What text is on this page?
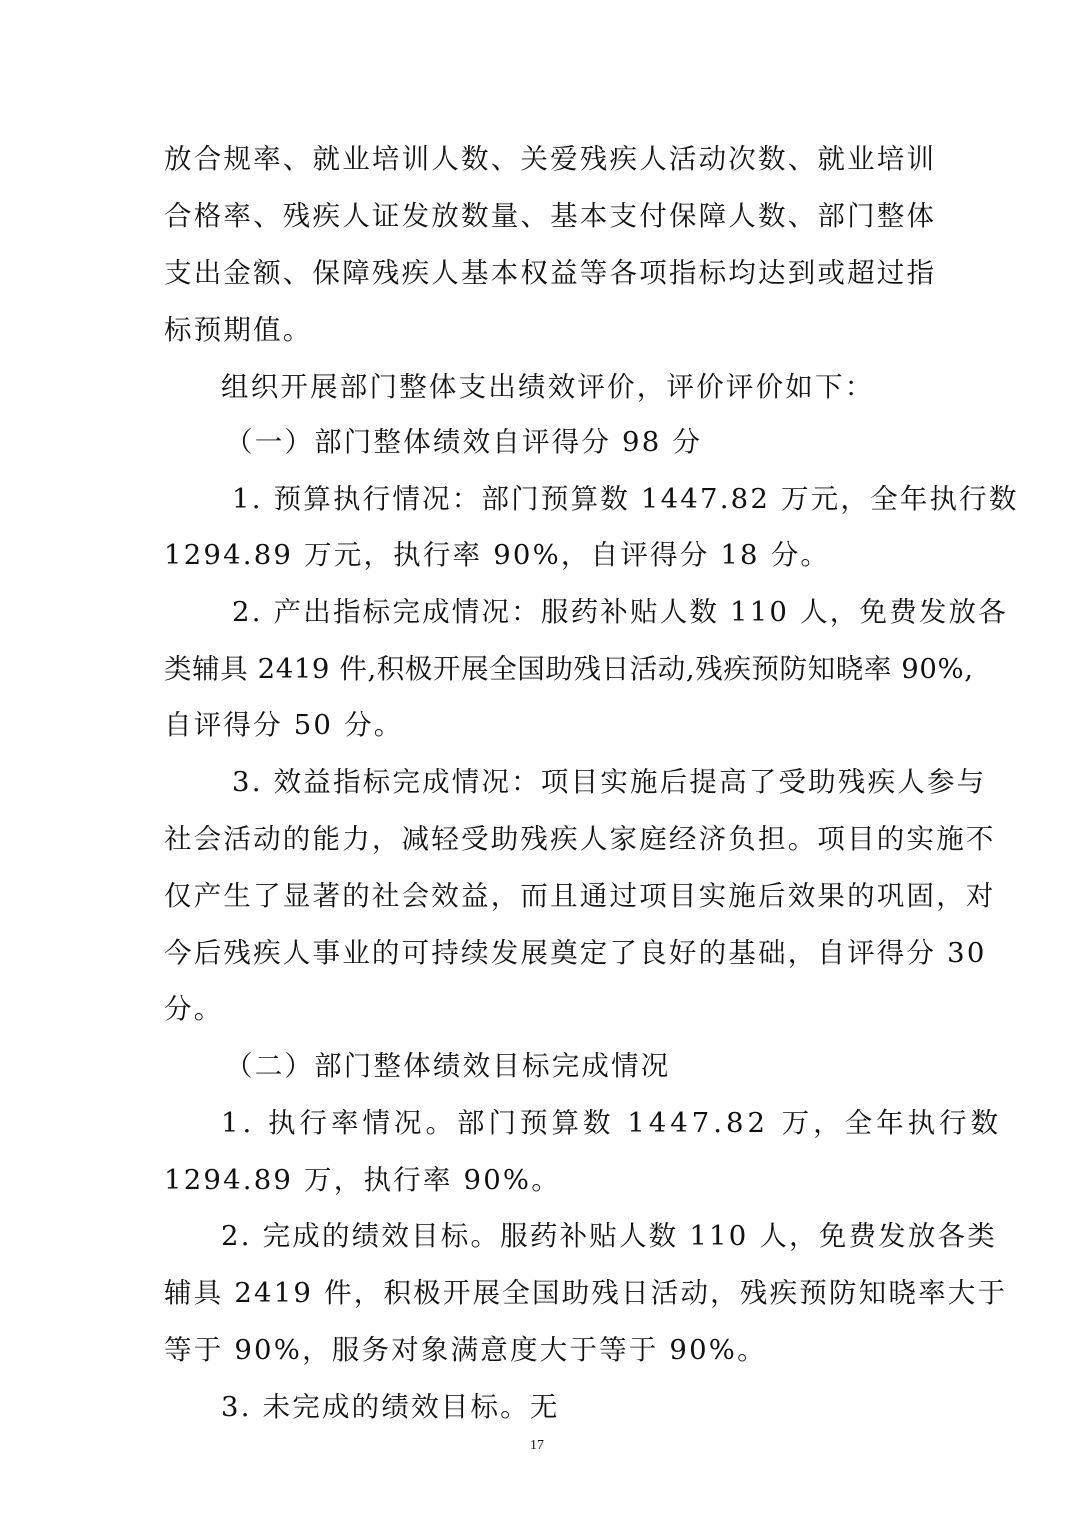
放合规率、就业培训人数、关爱残疾人活动次数、就业培训
合格率、残疾人证发放数量、基本支付保障人数、部门整体
支出金额、保障残疾人基本权益等各项指标均达到或超过指
标预期值。
组织开展部门整体支出绩效评价，评价评价如下：
（一）部门整体绩效自评得分 98 分
1. 预算执行情况：部门预算数 1447.82 万元，全年执行数
1294.89 万元，执行率 90%，自评得分 18 分。
2. 产出指标完成情况：服药补贴人数 110 人，免费发放各
类辅具 2419 件,积极开展全国助残日活动,残疾预防知晓率 90%,
自评得分 50 分。
3. 效益指标完成情况：项目实施后提高了受助残疾人参与
社会活动的能力，减轻受助残疾人家庭经济负担。项目的实施不
仅产生了显著的社会效益，而且通过项目实施后效果的巩固，对
今后残疾人事业的可持续发展奠定了良好的基础，自评得分 30
分。
（二）部门整体绩效目标完成情况
1. 执行率情况。部门预算数 1447.82 万，全年执行数
1294.89 万，执行率 90%。
2. 完成的绩效目标。服药补贴人数 110 人，免费发放各类
辅具 2419 件，积极开展全国助残日活动，残疾预防知晓率大于
等于 90%，服务对象满意度大于等于 90%。
3. 未完成的绩效目标。无
17
